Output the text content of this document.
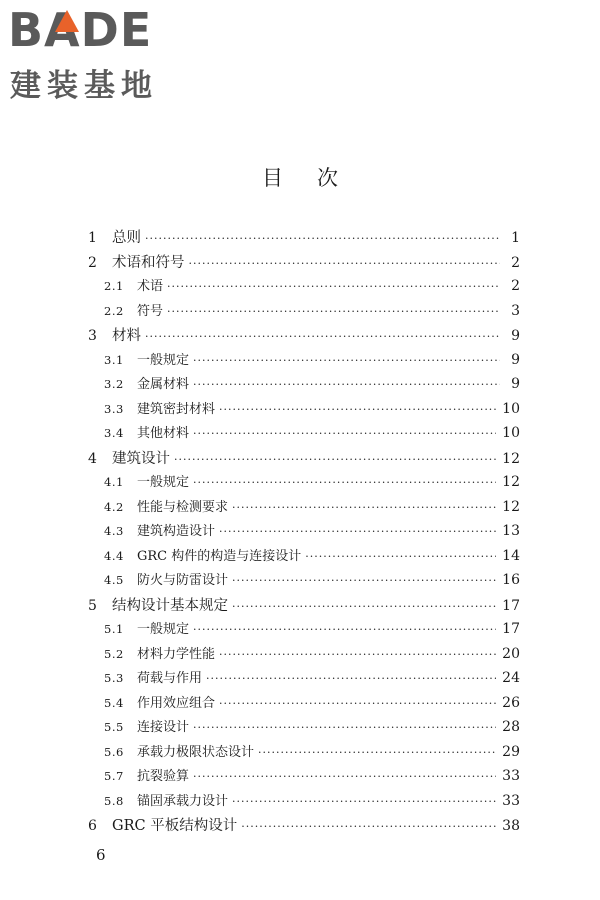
BADE
建装基地
目次
1	总则 ·····	1
2	术语和符号 ·····	2
2.1	术语 ·····	2
2.2	符号 ·····	3
3	材料 ·····	9
3.1	一般规定 ·····	9
3.2	金属材料 ·····	9
3.3	建筑密封材料 ·····	10
3.4	其他材料 ·····	10
4	建筑设计 ·····	12
4.1	一般规定 ·····	12
4.2	性能与检测要求 ·····	12
4.3	建筑构造设计 ·····	13
4.4	GRC 构件的构造与连接设计 ·····	14
4.5	防火与防雷设计 ·····	16
5	结构设计基本规定 ·····	17
5.1	一般规定 ·····	17
5.2	材料力学性能 ·····	20
5.3	荷载与作用 ·····	24
5.4	作用效应组合 ·····	26
5.5	连接设计 ·····	28
5.6	承载力极限状态设计 ·····	29
5.7	抗裂验算 ·····	33
5.8	锚固承载力设计 ·····	33
6	GRC 平板结构设计 ·····	38
6
